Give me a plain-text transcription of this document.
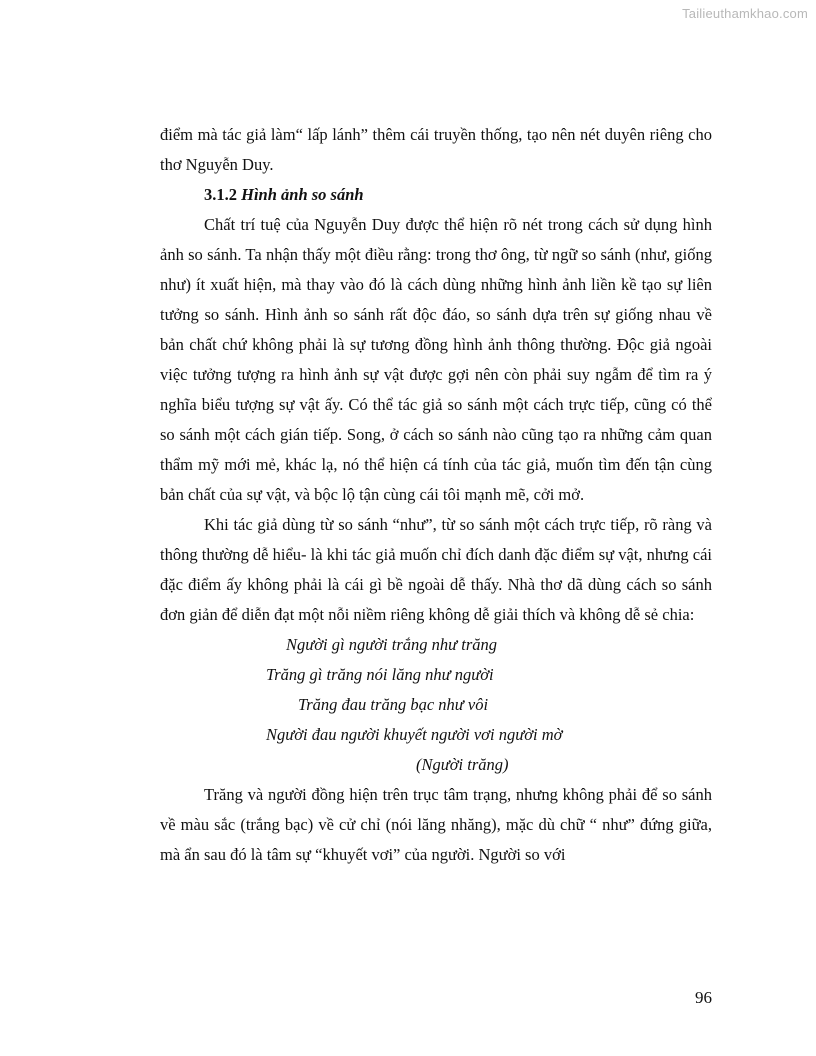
Tailieuthamkhao.com

điểm mà tác giả làm“ lấp lánh” thêm cái truyền thống, tạo nên nét duyên riêng cho thơ Nguyễn Duy.

3.1.2 Hình ảnh so sánh

Chất trí tuệ của Nguyễn Duy được thể hiện rõ nét trong cách sử dụng hình ảnh so sánh. Ta nhận thấy một điều rằng: trong thơ ông, từ ngữ so sánh (như, giống như) ít xuất hiện, mà thay vào đó là cách dùng những hình ảnh liền kề tạo sự liên tưởng so sánh. Hình ảnh so sánh rất độc đáo, so sánh dựa trên sự giống nhau về bản chất chứ không phải là sự tương đồng hình ảnh thông thường. Độc giả ngoài việc tưởng tượng ra hình ảnh sự vật được gợi nên còn phải suy ngẫm để tìm ra ý nghĩa biểu tượng sự vật ấy. Có thể tác giả so sánh một cách trực tiếp, cũng có thể so sánh một cách gián tiếp. Song, ở cách so sánh nào cũng tạo ra những cảm quan thẩm mỹ mới mẻ, khác lạ, nó thể hiện cá tính của tác giả, muốn tìm đến tận cùng bản chất của sự vật, và bộc lộ tận cùng cái tôi mạnh mẽ, cởi mở.

Khi tác giả dùng từ so sánh “như”, từ so sánh một cách trực tiếp, rõ ràng và thông thường dễ hiểu- là khi tác giả muốn chỉ đích danh đặc điểm sự vật, nhưng cái đặc điểm ấy không phải là cái gì bề ngoài dễ thấy. Nhà thơ dã dùng cách so sánh đơn giản để diễn đạt một nỗi niềm riêng không dễ giải thích và không dễ sẻ chia:

Người gì người trắng như trăng
Trăng gì trăng nói lăng như người
Trăng đau trăng bạc như vôi
Người đau người khuyết người vơi người mờ
(Người trăng)

Trăng và người đồng hiện trên trục tâm trạng, nhưng không phải để so sánh về màu sắc (trắng bạc) về cử chỉ (nói lăng nhăng), mặc dù chữ “ như” đứng giữa, mà ẩn sau đó là tâm sự “khuyết vơi” của người. Người so với

96
